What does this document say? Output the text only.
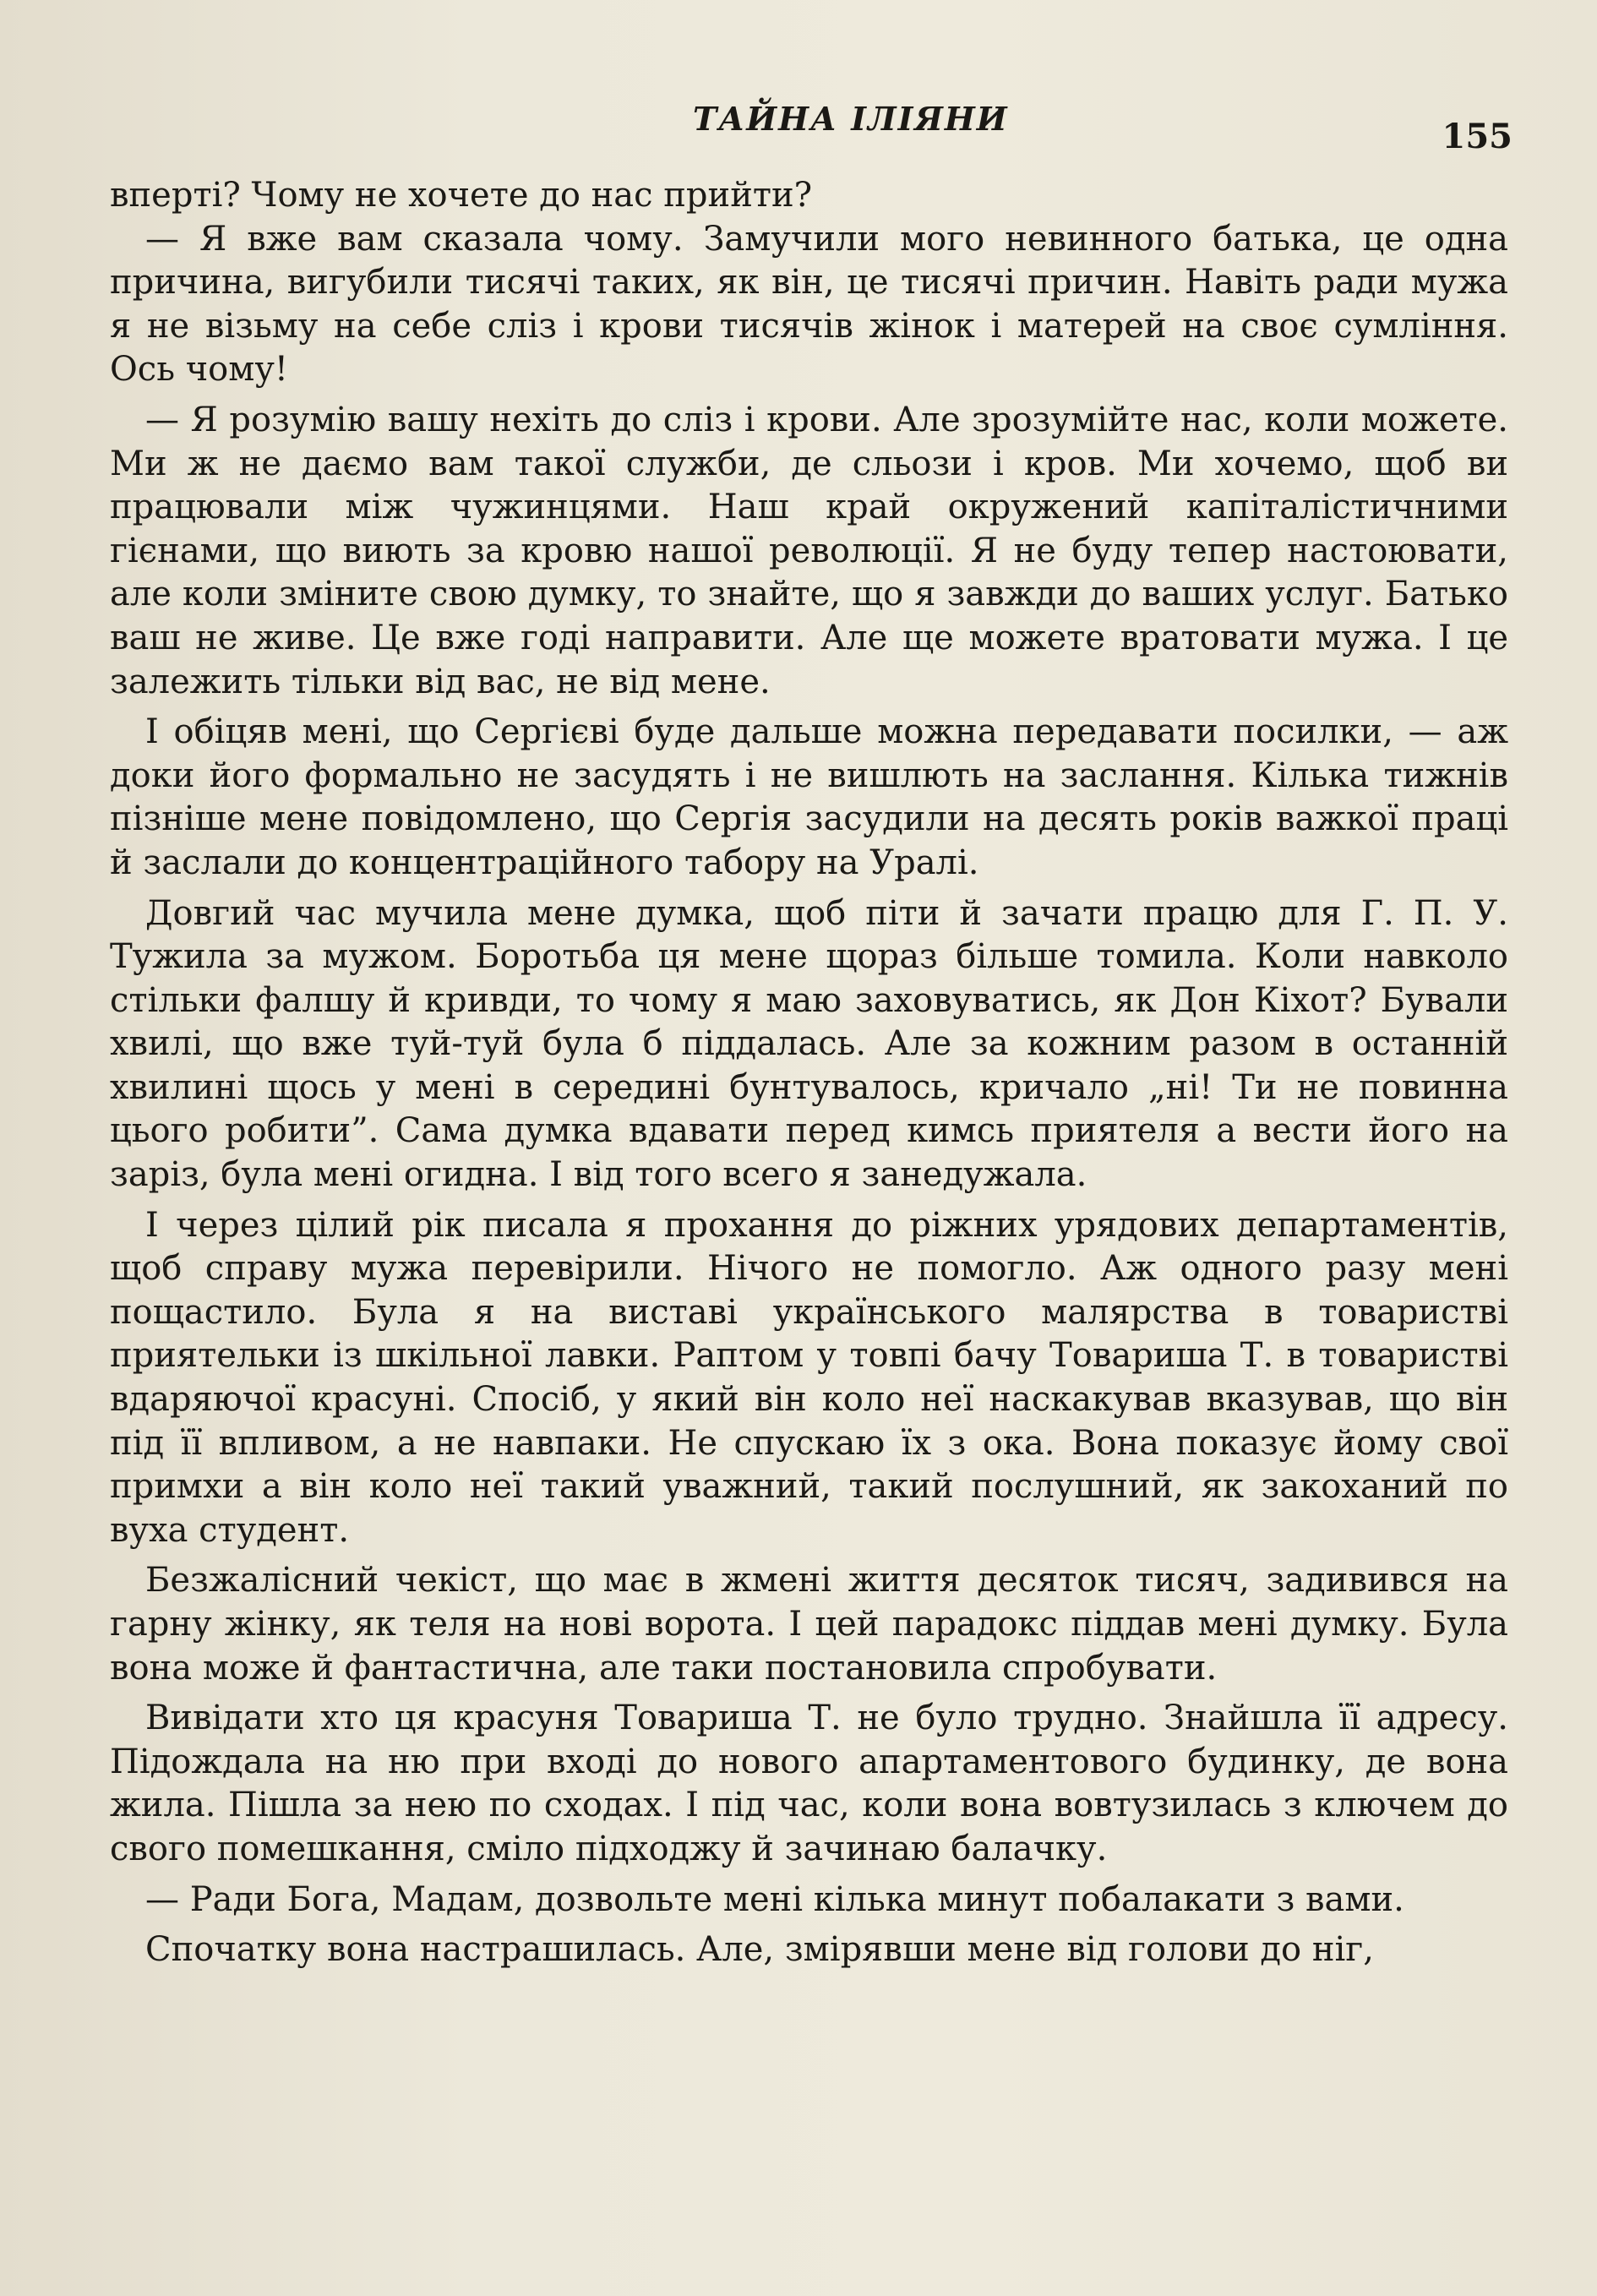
ТАЙНА ІЛІЯНИ	155

вперті? Чому не хочете до нас прийти?

— Я вже вам сказала чому. Замучили мого невинного батька, це одна причина, вигубили тисячі таких, як він, це тисячі причин. Навіть ради мужа я не візьму на себе сліз і крови тисячів жінок і матерей на своє сумління. Ось чому!

— Я розумію вашу нехіть до сліз і крови. Але зрозумійте нас, коли можете. Ми ж не даємо вам такої служби, де сльози і кров. Ми хочемо, щоб ви працювали між чужинцями. Наш край окружений капіталістичними гієнами, що виють за кровю нашої революції. Я не буду тепер настоювати, але коли зміните свою думку, то знайте, що я завжди до ваших услуг. Батько ваш не живе. Це вже годі направити. Але ще можете вратовати мужа. І це залежить тільки від вас, не від мене.

І обіцяв мені, що Сергієві буде дальше можна передавати посилки, — аж доки його формально не засудять і не вишлють на заслання. Кілька тижнів пізніше мене повідомлено, що Сергія засудили на десять років важкої праці й заслали до концентраційного табору на Уралі.

Довгий час мучила мене думка, щоб піти й зачати працю для Г. П. У. Тужила за мужом. Боротьба ця мене щораз більше томила. Коли навколо стільки фалшу й кривди, то чому я маю заховуватись, як Дон Кіхот? Бували хвилі, що вже туй-туй була б піддалась. Але за кожним разом в останній хвилині щось у мені в середині бунтувалось, кричало „ні! Ти не повинна цього робити”. Сама думка вдавати перед кимсь приятеля а вести його на заріз, була мені огидна. І від того всего я занедужала.

І через цілий рік писала я прохання до ріжних урядових департаментів, щоб справу мужа перевірили. Нічого не помогло. Аж одного разу мені пощастило. Була я на виставі українського малярства в товаристві приятельки із шкільної лавки. Раптом у товпі бачу Товариша Т. в товаристві вдаряючої красуні. Спосіб, у який він коло неї наскакував вказував, що він під її впливом, а не навпаки. Не спускаю їх з ока. Вона показує йому свої примхи а він коло неї такий уважний, такий послушний, як закоханий по вуха студент.

Безжалісний чекіст, що має в жмені життя десяток тисяч, задивився на гарну жінку, як теля на нові ворота. І цей парадокс піддав мені думку. Була вона може й фантастична, але таки постановила спробувати.

Вивідати хто ця красуня Товариша Т. не було трудно. Знайшла її адресу. Підождала на ню при вході до нового апартаментового будинку, де вона жила. Пішла за нею по сходах. І під час, коли вона вовтузилась з ключем до свого помешкання, сміло підходжу й зачинаю балачку.

— Ради Бога, Мадам, дозвольте мені кілька минут побалакати з вами.

Спочатку вона настрашилась. Але, змірявши мене від голови до ніг,
